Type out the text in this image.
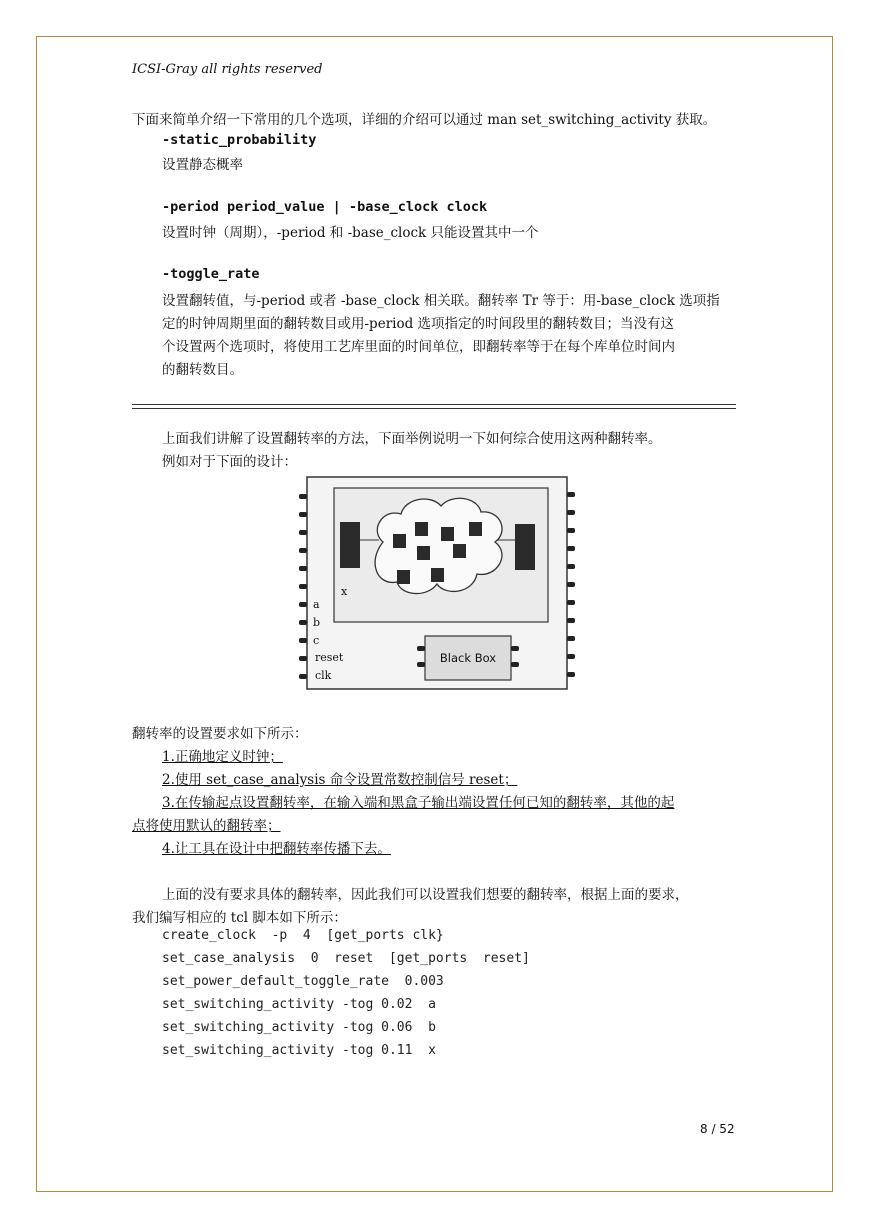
ICSI-Gray all rights reserved
下面来简单介绍一下常用的几个选项，详细的介绍可以通过 man set_switching_activity 获取。
-static_probability
设置静态概率
-period period_value | -base_clock clock
设置时钟（周期），-period 和 -base_clock 只能设置其中一个
-toggle_rate
设置翻转值，与-period 或者 -base_clock 相关联。翻转率 Tr 等于：用-base_clock 选项指
定的时钟周期里面的翻转数目或用-period 选项指定的时间段里的翻转数目；当没有这
个设置两个选项时，将使用工艺库里面的时间单位，即翻转率等于在每个库单位时间内
的翻转数目。
上面我们讲解了设置翻转率的方法，下面举例说明一下如何综合使用这两种翻转率。
例如对于下面的设计：
x
a
b
c
reset
clk
Black Box
翻转率的设置要求如下所示：
1.正确地定义时钟；
2.使用 set_case_analysis 命令设置常数控制信号 reset；
3.在传输起点设置翻转率，在输入端和黑盒子输出端设置任何已知的翻转率，其他的起
点将使用默认的翻转率；
4.让工具在设计中把翻转率传播下去。
上面的没有要求具体的翻转率，因此我们可以设置我们想要的翻转率，根据上面的要求，
我们编写相应的 tcl 脚本如下所示：
create_clock  -p  4  [get_ports clk}
set_case_analysis  0  reset  [get_ports  reset]
set_power_default_toggle_rate  0.003
set_switching_activity -tog 0.02  a
set_switching_activity -tog 0.06  b
set_switching_activity -tog 0.11  x
8 / 52
